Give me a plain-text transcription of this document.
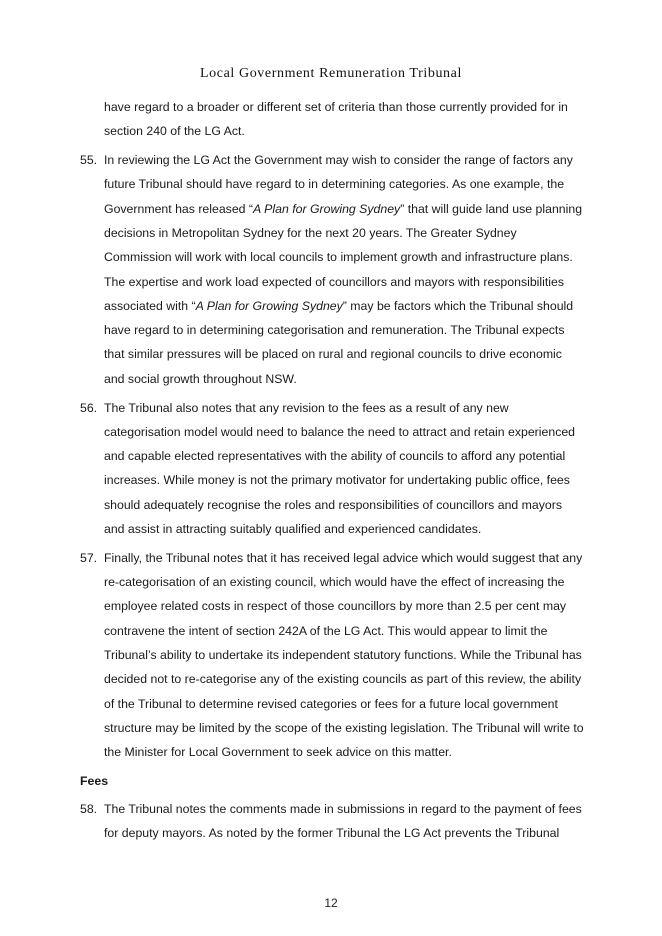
Local Government Remuneration Tribunal

have regard to a broader or different set of criteria than those currently provided for in section 240 of the LG Act.

55. In reviewing the LG Act the Government may wish to consider the range of factors any future Tribunal should have regard to in determining categories. As one example, the Government has released “A Plan for Growing Sydney” that will guide land use planning decisions in Metropolitan Sydney for the next 20 years. The Greater Sydney Commission will work with local councils to implement growth and infrastructure plans. The expertise and work load expected of councillors and mayors with responsibilities associated with “A Plan for Growing Sydney” may be factors which the Tribunal should have regard to in determining categorisation and remuneration. The Tribunal expects that similar pressures will be placed on rural and regional councils to drive economic and social growth throughout NSW.

56. The Tribunal also notes that any revision to the fees as a result of any new categorisation model would need to balance the need to attract and retain experienced and capable elected representatives with the ability of councils to afford any potential increases. While money is not the primary motivator for undertaking public office, fees should adequately recognise the roles and responsibilities of councillors and mayors and assist in attracting suitably qualified and experienced candidates.

57. Finally, the Tribunal notes that it has received legal advice which would suggest that any re-categorisation of an existing council, which would have the effect of increasing the employee related costs in respect of those councillors by more than 2.5 per cent may contravene the intent of section 242A of the LG Act. This would appear to limit the Tribunal’s ability to undertake its independent statutory functions. While the Tribunal has decided not to re-categorise any of the existing councils as part of this review, the ability of the Tribunal to determine revised categories or fees for a future local government structure may be limited by the scope of the existing legislation. The Tribunal will write to the Minister for Local Government to seek advice on this matter.

Fees

58. The Tribunal notes the comments made in submissions in regard to the payment of fees for deputy mayors. As noted by the former Tribunal the LG Act prevents the Tribunal

12
